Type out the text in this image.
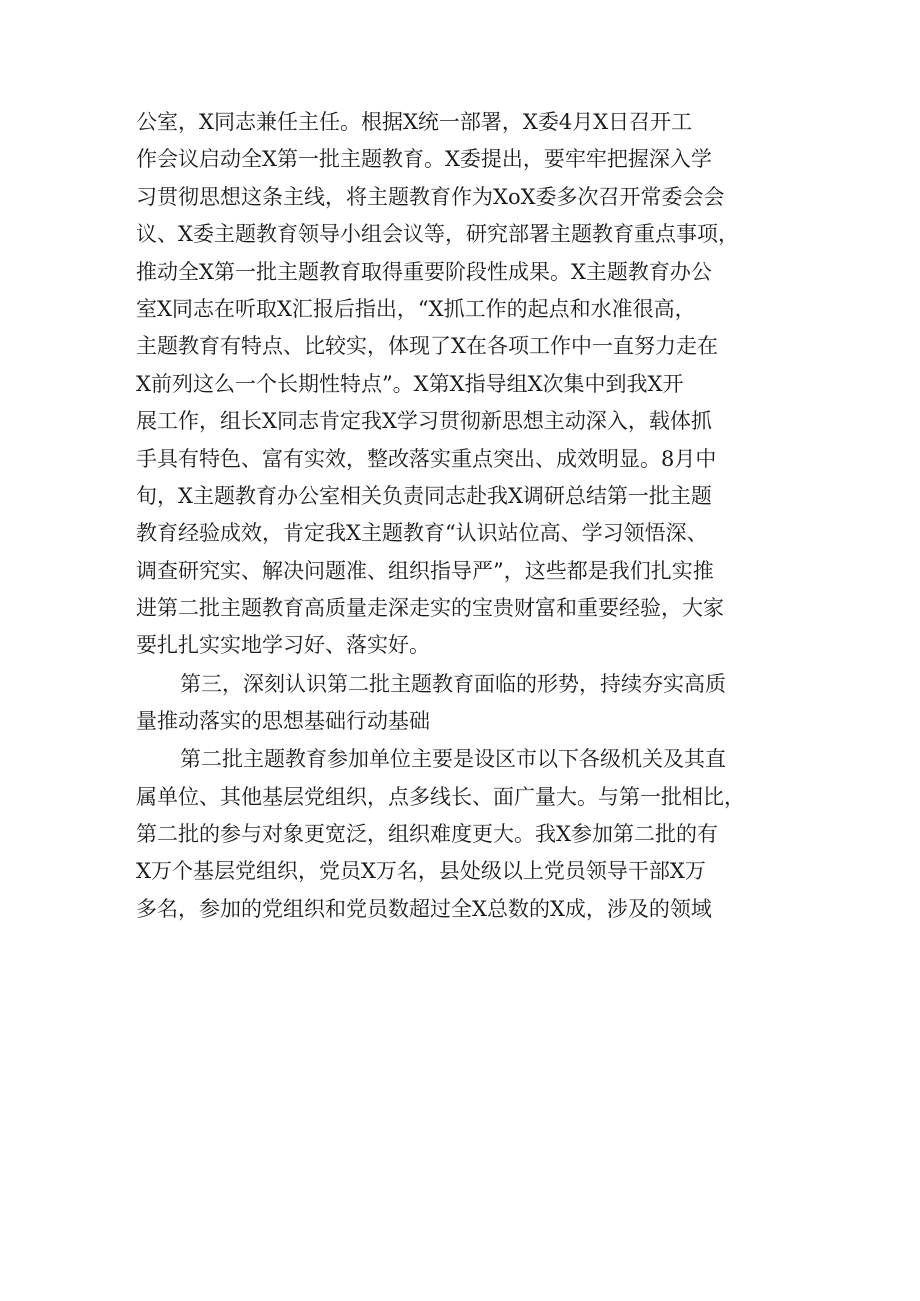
公室，X同志兼任主任。根据X统一部署，X委4月X日召开工
作会议启动全X第一批主题教育。X委提出，要牢牢把握深入学
习贯彻思想这条主线，将主题教育作为XoX委多次召开常委会会
议、X委主题教育领导小组会议等，研究部署主题教育重点事项，
推动全X第一批主题教育取得重要阶段性成果。X主题教育办公
室X同志在听取X汇报后指出，“X抓工作的起点和水准很高，
主题教育有特点、比较实，体现了X在各项工作中一直努力走在
X前列这么一个长期性特点”。X第X指导组X次集中到我X开
展工作，组长X同志肯定我X学习贯彻新思想主动深入，载体抓
手具有特色、富有实效，整改落实重点突出、成效明显。8月中
旬，X主题教育办公室相关负责同志赴我X调研总结第一批主题
教育经验成效，肯定我X主题教育“认识站位高、学习领悟深、
调查研究实、解决问题准、组织指导严”，这些都是我们扎实推
进第二批主题教育高质量走深走实的宝贵财富和重要经验，大家
要扎扎实实地学习好、落实好。
第三，深刻认识第二批主题教育面临的形势，持续夯实高质
量推动落实的思想基础行动基础
第二批主题教育参加单位主要是设区市以下各级机关及其直
属单位、其他基层党组织，点多线长、面广量大。与第一批相比，
第二批的参与对象更宽泛，组织难度更大。我X参加第二批的有
X万个基层党组织，党员X万名，县处级以上党员领导干部X万
多名，参加的党组织和党员数超过全X总数的X成，涉及的领域
